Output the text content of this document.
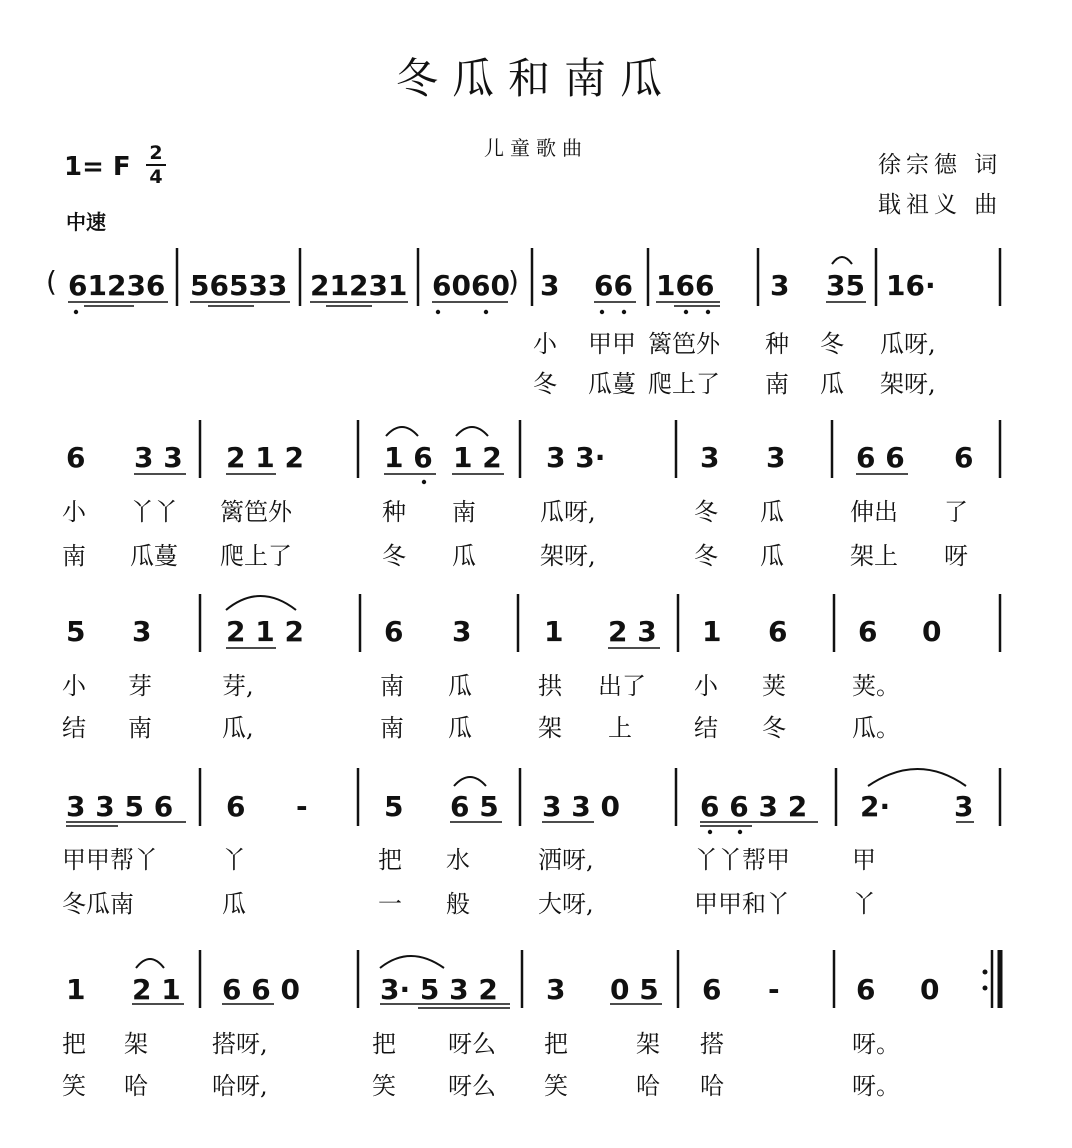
冬瓜和南瓜
儿童歌曲
徐宗德 词
戢祖义 曲
1= F 2
4
中速
( 61236 56533 21231 6060
) 3 66 166 3 35 16·
小 甲甲 篱笆外 种 冬 瓜呀,
冬 瓜蔓 爬上了 南 瓜 架呀,
6 3 3 2 1 2	1 6 1 2 3 3·	3 3	6 6 6
小 丫丫 篱笆外	种 南	瓜呀,	冬 瓜	伸出 了
南 瓜蔓 爬上了	冬 瓜	架呀,	冬 瓜	架上 呀
5 3	2 1 2	6 3	1 2 3 1 6	6 0
小 芽	芽,	南 瓜	拱 出了 小 荚	荚。
结 南	瓜,	南 瓜	架 上	结 冬	瓜。
3 3 5 6 6 -	5 6 5 3 3 0	6 6 3 2 2· 3
甲甲帮丫	丫	把 水	洒呀,	丫丫帮甲	甲
冬瓜南	瓜	一 般	大呀,	甲甲和丫	丫
1 2 1 6 6 0	3· 5 3 2 3 0 5 6 -	6 0
把 架	搭呀,	把 呀么 把	架 搭	呀。
笑 哈	哈呀,	笑 呀么 笑	哈 哈	呀。
